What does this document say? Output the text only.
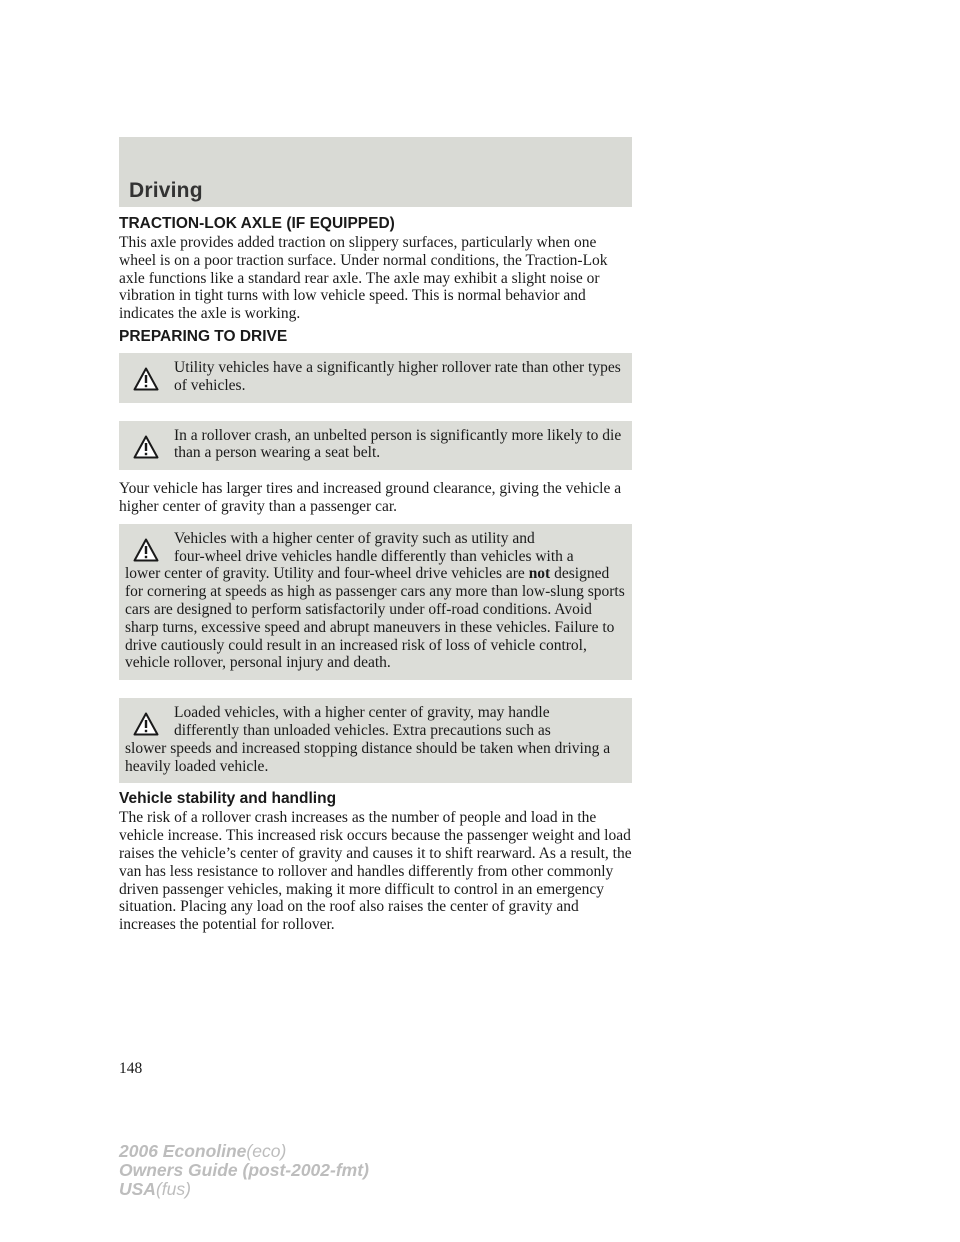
Driving
TRACTION-LOK AXLE (IF EQUIPPED)

This axle provides added traction on slippery surfaces, particularly when one wheel is on a poor traction surface. Under normal conditions, the Traction-Lok axle functions like a standard rear axle. The axle may exhibit a slight noise or vibration in tight turns with low vehicle speed. This is normal behavior and indicates the axle is working.

PREPARING TO DRIVE

Utility vehicles have a significantly higher rollover rate than other types of vehicles.

In a rollover crash, an unbelted person is significantly more likely to die than a person wearing a seat belt.

Your vehicle has larger tires and increased ground clearance, giving the vehicle a higher center of gravity than a passenger car.

Vehicles with a higher center of gravity such as utility and

four-wheel drive vehicles handle differently than vehicles with a

lower center of gravity. Utility and four-wheel drive vehicles are not designed for cornering at speeds as high as passenger cars any more than low-slung sports cars are designed to perform satisfactorily under off-road conditions. Avoid sharp turns, excessive speed and abrupt maneuvers in these vehicles. Failure to drive cautiously could result in an increased risk of loss of vehicle control, vehicle rollover, personal injury and death.

Loaded vehicles, with a higher center of gravity, may handle

differently than unloaded vehicles. Extra precautions such as

slower speeds and increased stopping distance should be taken when driving a heavily loaded vehicle.

Vehicle stability and handling

The risk of a rollover crash increases as the number of people and load in the vehicle increase. This increased risk occurs because the passenger weight and load raises the vehicle’s center of gravity and causes it to shift rearward. As a result, the van has less resistance to rollover and handles differently from other commonly driven passenger vehicles, making it more difficult to control in an emergency situation. Placing any load on the roof also raises the center of gravity and increases the potential for rollover.

148
2006 Econoline(eco)
Owners Guide (post-2002-fmt)
USA(fus)
